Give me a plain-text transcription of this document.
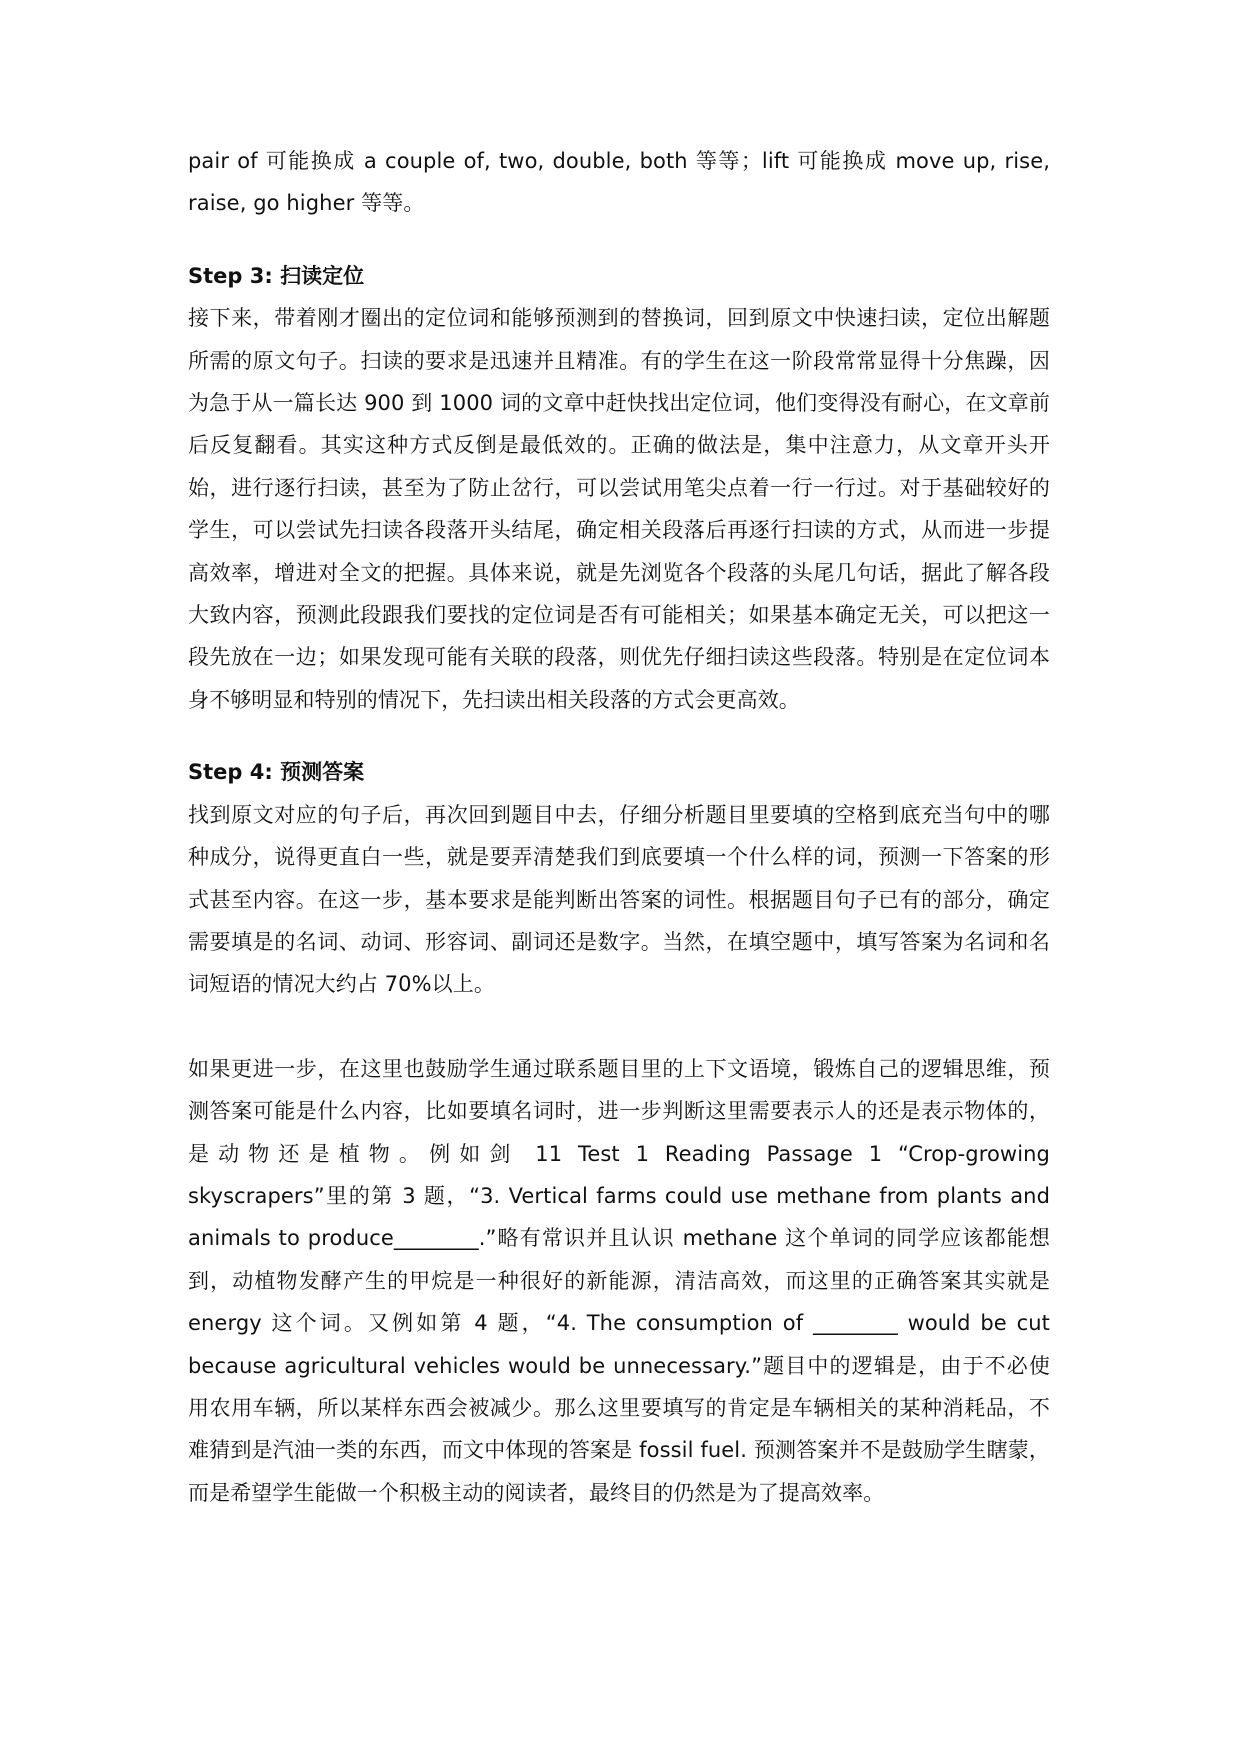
pair of 可能换成 a couple of, two, double, both 等等；lift 可能换成 move up, rise, raise, go higher 等等。

Step 3: 扫读定位

接下来，带着刚才圈出的定位词和能够预测到的替换词，回到原文中快速扫读，定位出解题所需的原文句子。扫读的要求是迅速并且精准。有的学生在这一阶段常常显得十分焦躁，因为急于从一篇长达 900 到 1000 词的文章中赶快找出定位词，他们变得没有耐心，在文章前后反复翻看。其实这种方式反倒是最低效的。正确的做法是，集中注意力，从文章开头开始，进行逐行扫读，甚至为了防止岔行，可以尝试用笔尖点着一行一行过。对于基础较好的学生，可以尝试先扫读各段落开头结尾，确定相关段落后再逐行扫读的方式，从而进一步提高效率，增进对全文的把握。具体来说，就是先浏览各个段落的头尾几句话，据此了解各段大致内容，预测此段跟我们要找的定位词是否有可能相关；如果基本确定无关，可以把这一段先放在一边；如果发现可能有关联的段落，则优先仔细扫读这些段落。特别是在定位词本身不够明显和特别的情况下，先扫读出相关段落的方式会更高效。

Step 4: 预测答案

找到原文对应的句子后，再次回到题目中去，仔细分析题目里要填的空格到底充当句中的哪种成分，说得更直白一些，就是要弄清楚我们到底要填一个什么样的词，预测一下答案的形式甚至内容。在这一步，基本要求是能判断出答案的词性。根据题目句子已有的部分，确定需要填是的名词、动词、形容词、副词还是数字。当然，在填空题中，填写答案为名词和名词短语的情况大约占 70%以上。

如果更进一步，在这里也鼓励学生通过联系题目里的上下文语境，锻炼自己的逻辑思维，预测答案可能是什么内容，比如要填名词时，进一步判断这里需要表示人的还是表示物体的，是动物还是植物。例如剑 11 Test 1 Reading Passage 1 “Crop-growing skyscrapers”里的第 3 题，“3. Vertical farms could use methane from plants and animals to produce________.”略有常识并且认识 methane 这个单词的同学应该都能想到，动植物发酵产生的甲烷是一种很好的新能源，清洁高效，而这里的正确答案其实就是 energy 这个词。又例如第 4 题，“4. The consumption of ________ would be cut because agricultural vehicles would be unnecessary.”题目中的逻辑是，由于不必使用农用车辆，所以某样东西会被减少。那么这里要填写的肯定是车辆相关的某种消耗品，不难猜到是汽油一类的东西，而文中体现的答案是 fossil fuel. 预测答案并不是鼓励学生瞎蒙，而是希望学生能做一个积极主动的阅读者，最终目的仍然是为了提高效率。
